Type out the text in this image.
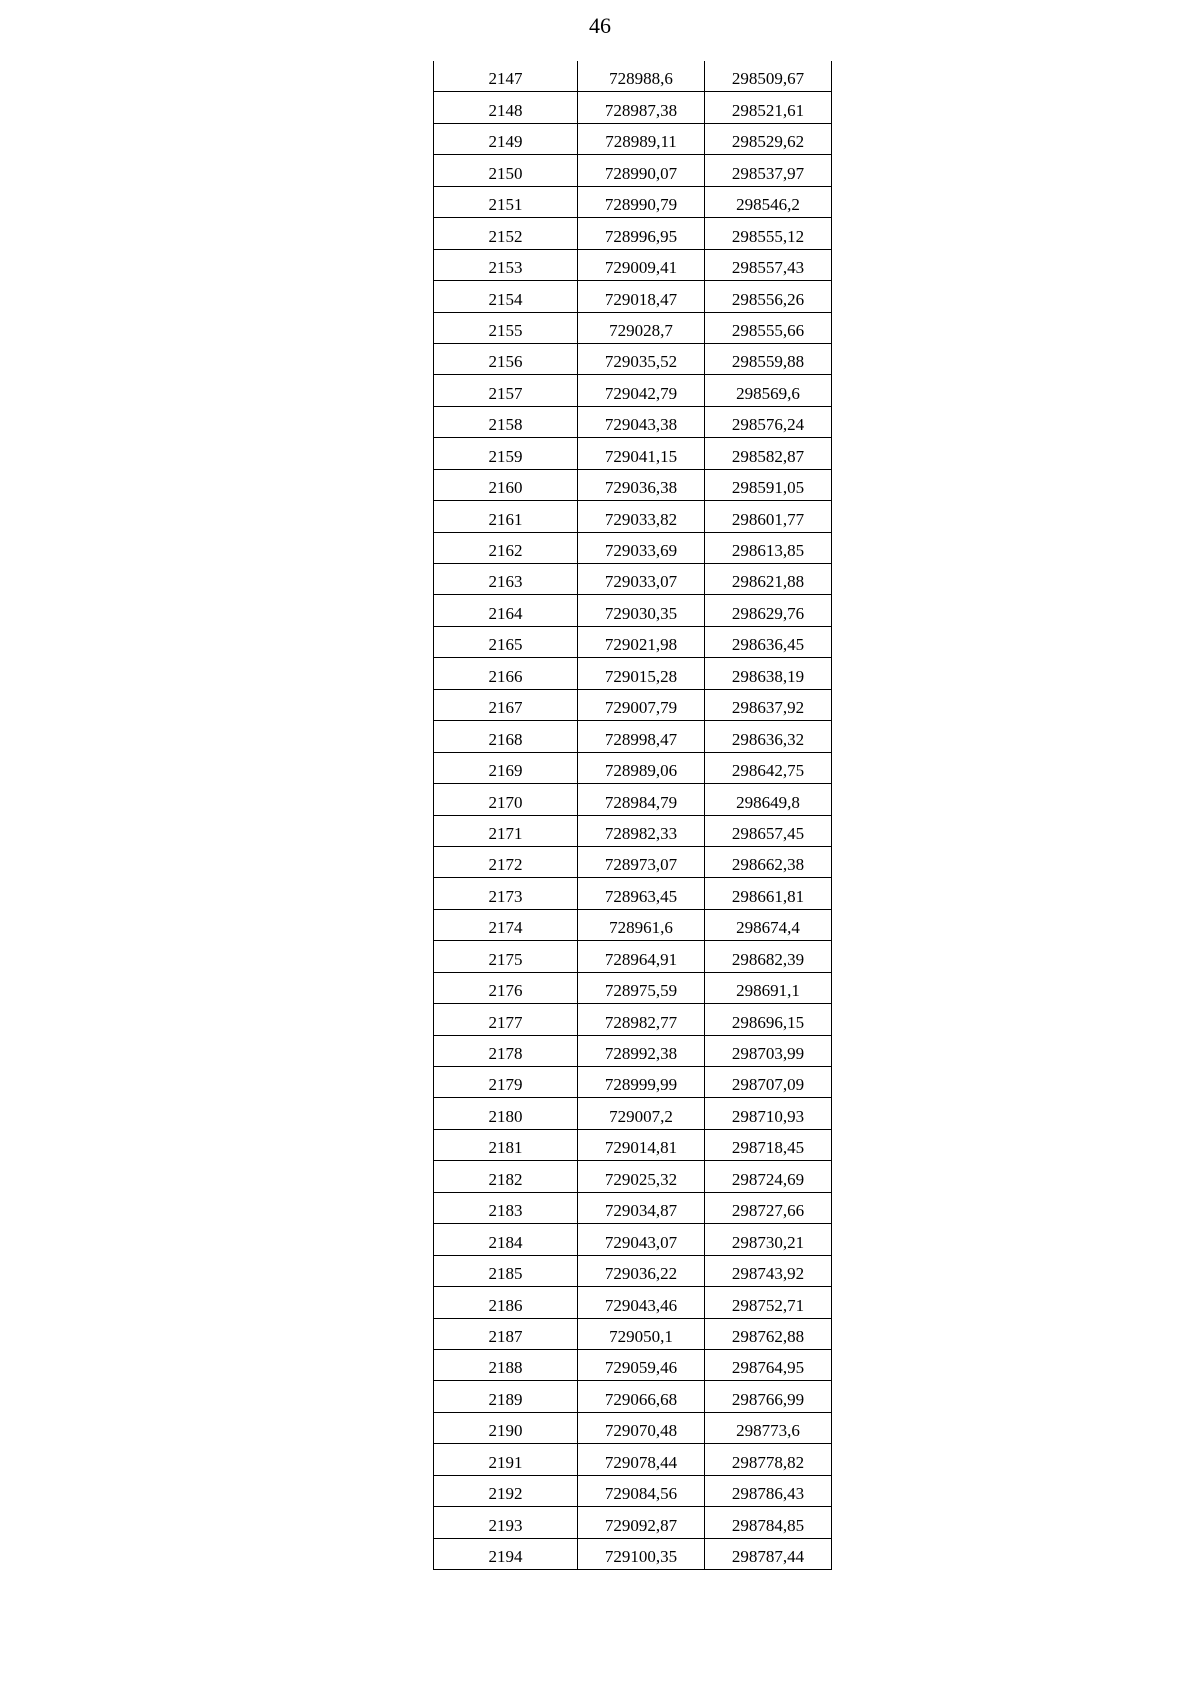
46
2147	728988,6	298509,67
2148	728987,38	298521,61
2149	728989,11	298529,62
2150	728990,07	298537,97
2151	728990,79	298546,2
2152	728996,95	298555,12
2153	729009,41	298557,43
2154	729018,47	298556,26
2155	729028,7	298555,66
2156	729035,52	298559,88
2157	729042,79	298569,6
2158	729043,38	298576,24
2159	729041,15	298582,87
2160	729036,38	298591,05
2161	729033,82	298601,77
2162	729033,69	298613,85
2163	729033,07	298621,88
2164	729030,35	298629,76
2165	729021,98	298636,45
2166	729015,28	298638,19
2167	729007,79	298637,92
2168	728998,47	298636,32
2169	728989,06	298642,75
2170	728984,79	298649,8
2171	728982,33	298657,45
2172	728973,07	298662,38
2173	728963,45	298661,81
2174	728961,6	298674,4
2175	728964,91	298682,39
2176	728975,59	298691,1
2177	728982,77	298696,15
2178	728992,38	298703,99
2179	728999,99	298707,09
2180	729007,2	298710,93
2181	729014,81	298718,45
2182	729025,32	298724,69
2183	729034,87	298727,66
2184	729043,07	298730,21
2185	729036,22	298743,92
2186	729043,46	298752,71
2187	729050,1	298762,88
2188	729059,46	298764,95
2189	729066,68	298766,99
2190	729070,48	298773,6
2191	729078,44	298778,82
2192	729084,56	298786,43
2193	729092,87	298784,85
2194	729100,35	298787,44
